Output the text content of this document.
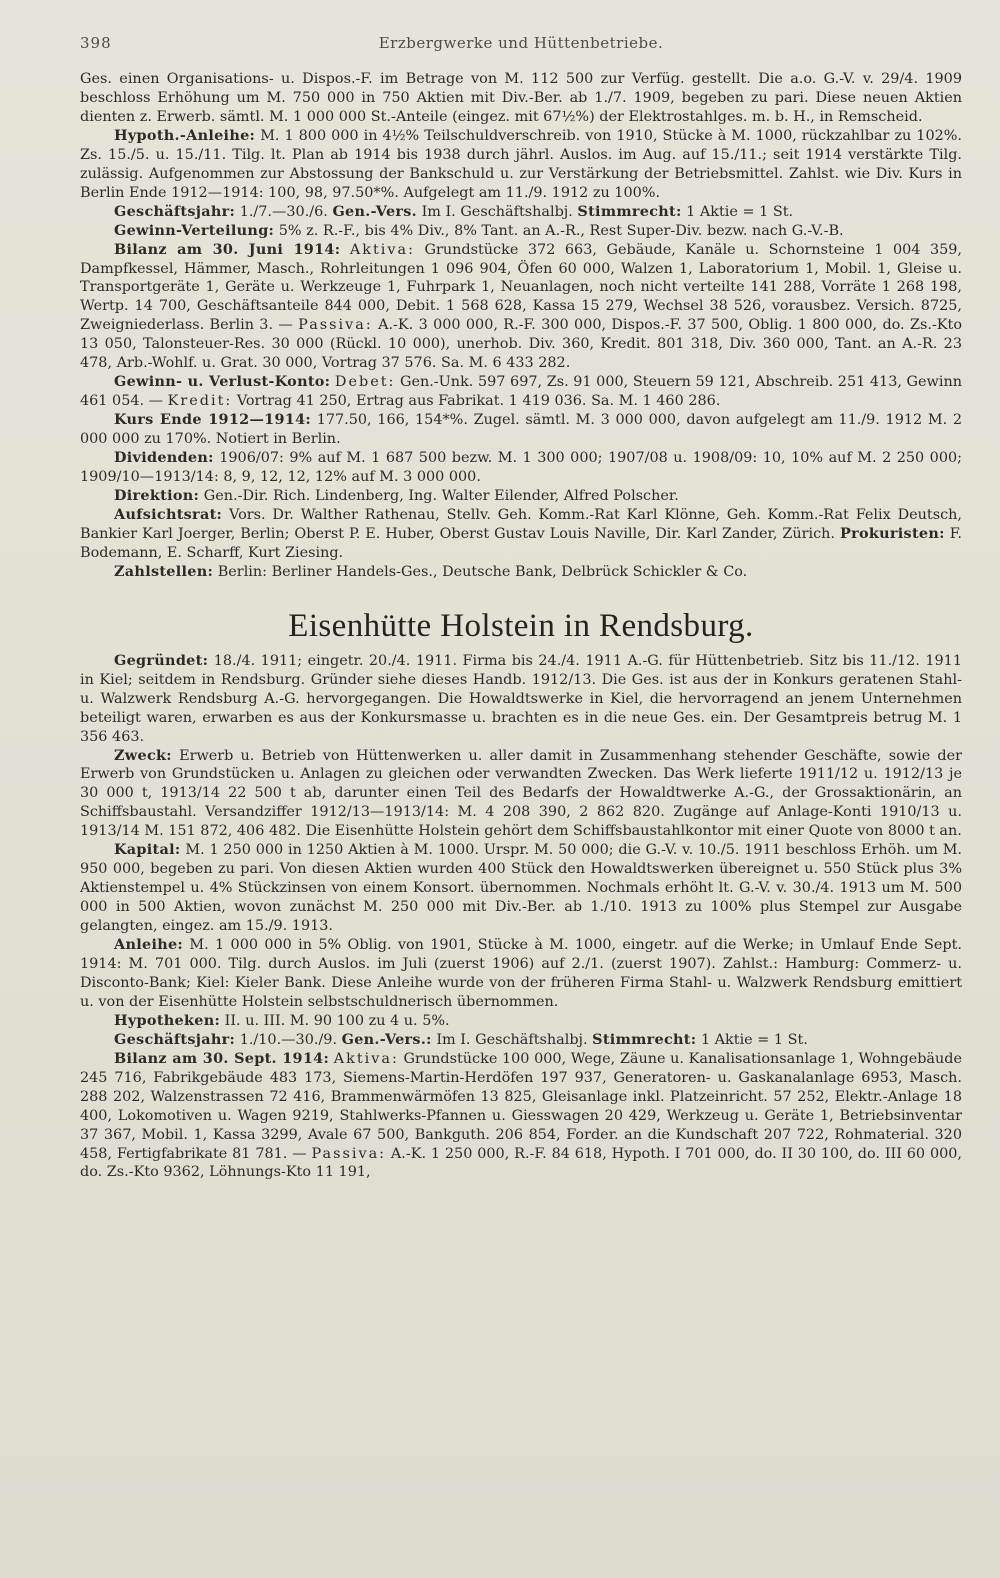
398	Erzbergwerke und Hüttenbetriebe.

Ges. einen Organisations- u. Dispos.-F. im Betrage von M. 112 500 zur Verfüg. gestellt. Die a.o. G.-V. v. 29/4. 1909 beschloss Erhöhung um M. 750 000 in 750 Aktien mit Div.-Ber. ab 1./7. 1909, begeben zu pari. Diese neuen Aktien dienten z. Erwerb. sämtl. M. 1 000 000 St.-Anteile (eingez. mit 67½%) der Elektrostahlges. m. b. H., in Remscheid.

Hypoth.-Anleihe: M. 1 800 000 in 4½% Teilschuldverschreib. von 1910, Stücke à M. 1000, rückzahlbar zu 102%. Zs. 15./5. u. 15./11. Tilg. lt. Plan ab 1914 bis 1938 durch jährl. Auslos. im Aug. auf 15./11.; seit 1914 verstärkte Tilg. zulässig. Aufgenommen zur Abstossung der Bankschuld u. zur Verstärkung der Betriebsmittel. Zahlst. wie Div. Kurs in Berlin Ende 1912—1914: 100, 98, 97.50*%. Aufgelegt am 11./9. 1912 zu 100%.

Geschäftsjahr: 1./7.—30./6. Gen.-Vers. Im I. Geschäftshalbj. Stimmrecht: 1 Aktie = 1 St.

Gewinn-Verteilung: 5% z. R.-F., bis 4% Div., 8% Tant. an A.-R., Rest Super-Div. bezw. nach G.-V.-B.

Bilanz am 30. Juni 1914: Aktiva: Grundstücke 372 663, Gebäude, Kanäle u. Schornsteine 1 004 359, Dampfkessel, Hämmer, Masch., Rohrleitungen 1 096 904, Öfen 60 000, Walzen 1, Laboratorium 1, Mobil. 1, Gleise u. Transportgeräte 1, Geräte u. Werkzeuge 1, Fuhrpark 1, Neuanlagen, noch nicht verteilte 141 288, Vorräte 1 268 198, Wertp. 14 700, Geschäftsanteile 844 000, Debit. 1 568 628, Kassa 15 279, Wechsel 38 526, vorausbez. Versich. 8725, Zweigniederlass. Berlin 3. — Passiva: A.-K. 3 000 000, R.-F. 300 000, Dispos.-F. 37 500, Oblig. 1 800 000, do. Zs.-Kto 13 050, Talonsteuer-Res. 30 000 (Rückl. 10 000), unerhob. Div. 360, Kredit. 801 318, Div. 360 000, Tant. an A.-R. 23 478, Arb.-Wohlf. u. Grat. 30 000, Vortrag 37 576. Sa. M. 6 433 282.

Gewinn- u. Verlust-Konto: Debet: Gen.-Unk. 597 697, Zs. 91 000, Steuern 59 121, Abschreib. 251 413, Gewinn 461 054. — Kredit: Vortrag 41 250, Ertrag aus Fabrikat. 1 419 036. Sa. M. 1 460 286.

Kurs Ende 1912—1914: 177.50, 166, 154*%. Zugel. sämtl. M. 3 000 000, davon aufgelegt am 11./9. 1912 M. 2 000 000 zu 170%. Notiert in Berlin.

Dividenden: 1906/07: 9% auf M. 1 687 500 bezw. M. 1 300 000; 1907/08 u. 1908/09: 10, 10% auf M. 2 250 000; 1909/10—1913/14: 8, 9, 12, 12, 12% auf M. 3 000 000.

Direktion: Gen.-Dir. Rich. Lindenberg, Ing. Walter Eilender, Alfred Polscher.

Aufsichtsrat: Vors. Dr. Walther Rathenau, Stellv. Geh. Komm.-Rat Karl Klönne, Geh. Komm.-Rat Felix Deutsch, Bankier Karl Joerger, Berlin; Oberst P. E. Huber, Oberst Gustav Louis Naville, Dir. Karl Zander, Zürich. Prokuristen: F. Bodemann, E. Scharff, Kurt Ziesing.

Zahlstellen: Berlin: Berliner Handels-Ges., Deutsche Bank, Delbrück Schickler & Co.

Eisenhütte Holstein in Rendsburg.

Gegründet: 18./4. 1911; eingetr. 20./4. 1911. Firma bis 24./4. 1911 A.-G. für Hüttenbetrieb. Sitz bis 11./12. 1911 in Kiel; seitdem in Rendsburg. Gründer siehe dieses Handb. 1912/13. Die Ges. ist aus der in Konkurs geratenen Stahl- u. Walzwerk Rendsburg A.-G. hervorgegangen. Die Howaldtswerke in Kiel, die hervorragend an jenem Unternehmen beteiligt waren, erwarben es aus der Konkursmasse u. brachten es in die neue Ges. ein. Der Gesamtpreis betrug M. 1 356 463.

Zweck: Erwerb u. Betrieb von Hüttenwerken u. aller damit in Zusammenhang stehender Geschäfte, sowie der Erwerb von Grundstücken u. Anlagen zu gleichen oder verwandten Zwecken. Das Werk lieferte 1911/12 u. 1912/13 je 30 000 t, 1913/14 22 500 t ab, darunter einen Teil des Bedarfs der Howaldtwerke A.-G., der Grossaktionärin, an Schiffsbaustahl. Versandziffer 1912/13—1913/14: M. 4 208 390, 2 862 820. Zugänge auf Anlage-Konti 1910/13 u. 1913/14 M. 151 872, 406 482. Die Eisenhütte Holstein gehört dem Schiffsbaustahlkontor mit einer Quote von 8000 t an.

Kapital: M. 1 250 000 in 1250 Aktien à M. 1000. Urspr. M. 50 000; die G.-V. v. 10./5. 1911 beschloss Erhöh. um M. 950 000, begeben zu pari. Von diesen Aktien wurden 400 Stück den Howaldtswerken übereignet u. 550 Stück plus 3% Aktienstempel u. 4% Stückzinsen von einem Konsort. übernommen. Nochmals erhöht lt. G.-V. v. 30./4. 1913 um M. 500 000 in 500 Aktien, wovon zunächst M. 250 000 mit Div.-Ber. ab 1./10. 1913 zu 100% plus Stempel zur Ausgabe gelangten, eingez. am 15./9. 1913.

Anleihe: M. 1 000 000 in 5% Oblig. von 1901, Stücke à M. 1000, eingetr. auf die Werke; in Umlauf Ende Sept. 1914: M. 701 000. Tilg. durch Auslos. im Juli (zuerst 1906) auf 2./1. (zuerst 1907). Zahlst.: Hamburg: Commerz- u. Disconto-Bank; Kiel: Kieler Bank. Diese Anleihe wurde von der früheren Firma Stahl- u. Walzwerk Rendsburg emittiert u. von der Eisenhütte Holstein selbstschuldnerisch übernommen.

Hypotheken: II. u. III. M. 90 100 zu 4 u. 5%.

Geschäftsjahr: 1./10.—30./9. Gen.-Vers.: Im I. Geschäftshalbj. Stimmrecht: 1 Aktie = 1 St.

Bilanz am 30. Sept. 1914: Aktiva: Grundstücke 100 000, Wege, Zäune u. Kanalisationsanlage 1, Wohngebäude 245 716, Fabrikgebäude 483 173, Siemens-Martin-Herdöfen 197 937, Generatoren- u. Gaskanalanlage 6953, Masch. 288 202, Walzenstrassen 72 416, Brammenwärmöfen 13 825, Gleisanlage inkl. Platzeinricht. 57 252, Elektr.-Anlage 18 400, Lokomotiven u. Wagen 9219, Stahlwerks-Pfannen u. Giesswagen 20 429, Werkzeug u. Geräte 1, Betriebsinventar 37 367, Mobil. 1, Kassa 3299, Avale 67 500, Bankguth. 206 854, Forder. an die Kundschaft 207 722, Rohmaterial. 320 458, Fertigfabrikate 81 781. — Passiva: A.-K. 1 250 000, R.-F. 84 618, Hypoth. I 701 000, do. II 30 100, do. III 60 000, do. Zs.-Kto 9362, Löhnungs-Kto 11 191,
